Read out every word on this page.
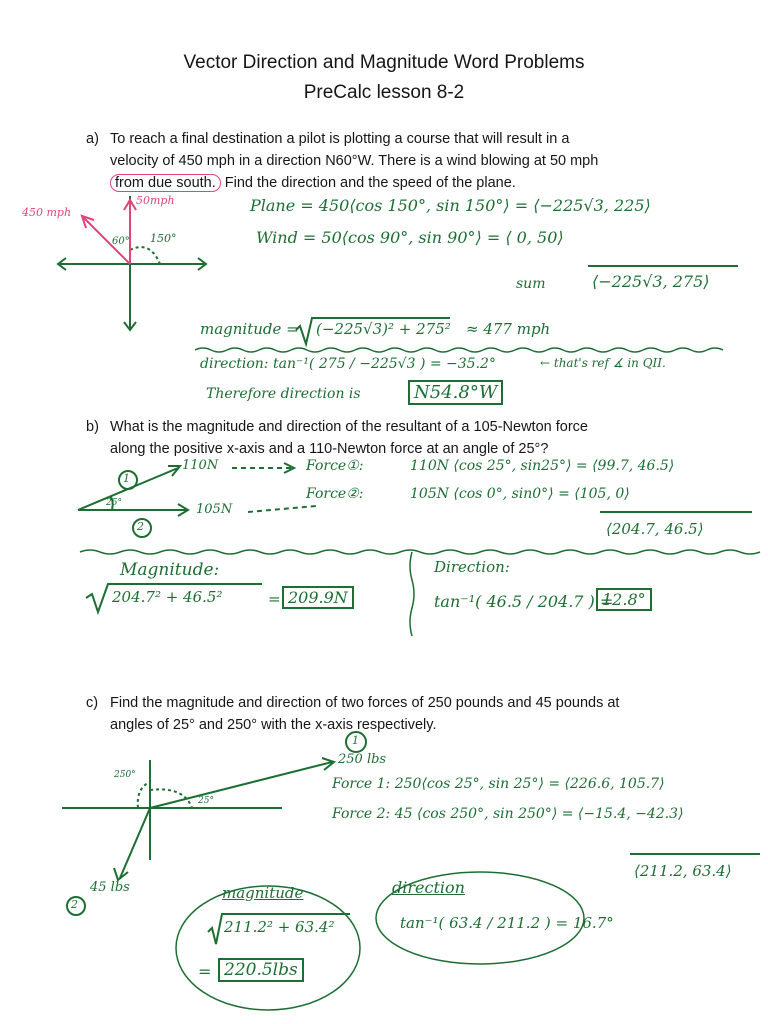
Vector Direction and Magnitude Word Problems
PreCalc lesson 8-2
a) To reach a final destination a pilot is plotting a course that will result in a
velocity of 450 mph in a direction N60°W. There is a wind blowing at 50 mph
from due south. Find the direction and the speed of the plane.
450 mph
50mph
60° 150°
Plane = 450⟨cos 150°, sin 150°⟩ = ⟨−225√3, 225⟩
Wind = 50⟨cos 90°, sin 90°⟩ = ⟨ 0, 50⟩
sum	⟨−225√3, 275⟩
magnitude = (−225√3)² + 275² ≈ 477 mph
direction: tan⁻¹( 275 / −225√3 ) = −35.2°	← that's ref ∡ in QII.
Therefore direction is	N54.8°W
b) What is the magnitude and direction of the resultant of a 105-Newton force
along the positive x-axis and a 110-Newton force at an angle of 25°?
1
2
110N
105N
25°
Force①:	110N ⟨cos 25°, sin25°⟩ = ⟨99.7, 46.5⟩
Force②:	105N ⟨cos 0°, sin0°⟩ = ⟨105, 0⟩
⟨204.7, 46.5⟩
Magnitude:
204.7² + 46.5²	= 209.9N
Direction:
tan⁻¹( 46.5 / 204.7 ) =
12.8°
c) Find the magnitude and direction of two forces of 250 pounds and 45 pounds at
angles of 25° and 250° with the x-axis respectively.
1
2
250 lbs
45 lbs
250°
25°
Force 1: 250⟨cos 25°, sin 25°⟩ = ⟨226.6, 105.7⟩
Force 2: 45 ⟨cos 250°, sin 250°⟩ = ⟨−15.4, −42.3⟩
⟨211.2, 63.4⟩
magnitude
211.2² + 63.4²
= 220.5lbs
direction
tan⁻¹( 63.4 / 211.2 ) = 16.7°
